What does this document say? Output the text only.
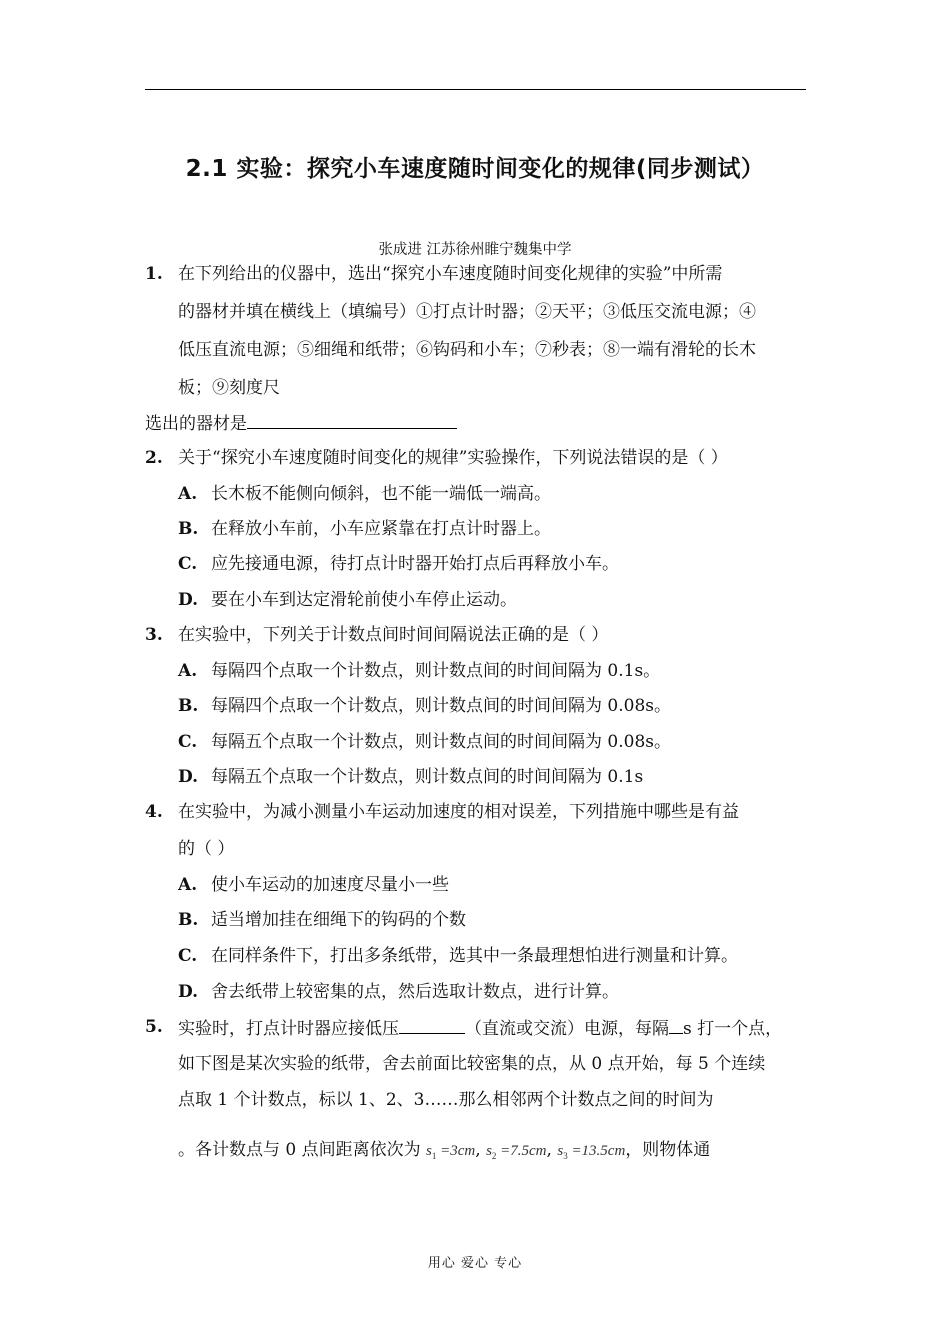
2.1 实验：探究小车速度随时间变化的规律(同步测试）
张成进 江苏徐州睢宁魏集中学
1. 在下列给出的仪器中，选出“探究小车速度随时间变化规律的实验”中所需
的器材并填在横线上（填编号）①打点计时器；②天平；③低压交流电源；④
低压直流电源；⑤细绳和纸带；⑥钩码和小车；⑦秒表；⑧一端有滑轮的长木
板；⑨刻度尺
选出的器材是
2. 关于“探究小车速度随时间变化的规律”实验操作，下列说法错误的是（ ）
A. 长木板不能侧向倾斜，也不能一端低一端高。
B. 在释放小车前，小车应紧靠在打点计时器上。
C. 应先接通电源，待打点计时器开始打点后再释放小车。
D. 要在小车到达定滑轮前使小车停止运动。
3. 在实验中，下列关于计数点间时间间隔说法正确的是（ ）
A. 每隔四个点取一个计数点，则计数点间的时间间隔为 0.1s。
B. 每隔四个点取一个计数点，则计数点间的时间间隔为 0.08s。
C. 每隔五个点取一个计数点，则计数点间的时间间隔为 0.08s。
D. 每隔五个点取一个计数点，则计数点间的时间间隔为 0.1s
4. 在实验中，为减小测量小车运动加速度的相对误差，下列措施中哪些是有益
的（ ）
A. 使小车运动的加速度尽量小一些
B. 适当增加挂在细绳下的钩码的个数
C. 在同样条件下，打出多条纸带，选其中一条最理想怕进行测量和计算。
D. 舍去纸带上较密集的点，然后选取计数点，进行计算。
5. 实验时，打点计时器应接低压	（直流或交流）电源，每隔 s 打一个点，
如下图是某次实验的纸带，舍去前面比较密集的点，从 0 点开始，每 5 个连续
点取 1 个计数点，标以 1、2、3……那么相邻两个计数点之间的时间为
。各计数点与 0 点间距离依次为 $s_1 =3cm$, $s_2 =7.5cm$, $s_3 =13.5cm$，则物体通
用心 爱心 专心
